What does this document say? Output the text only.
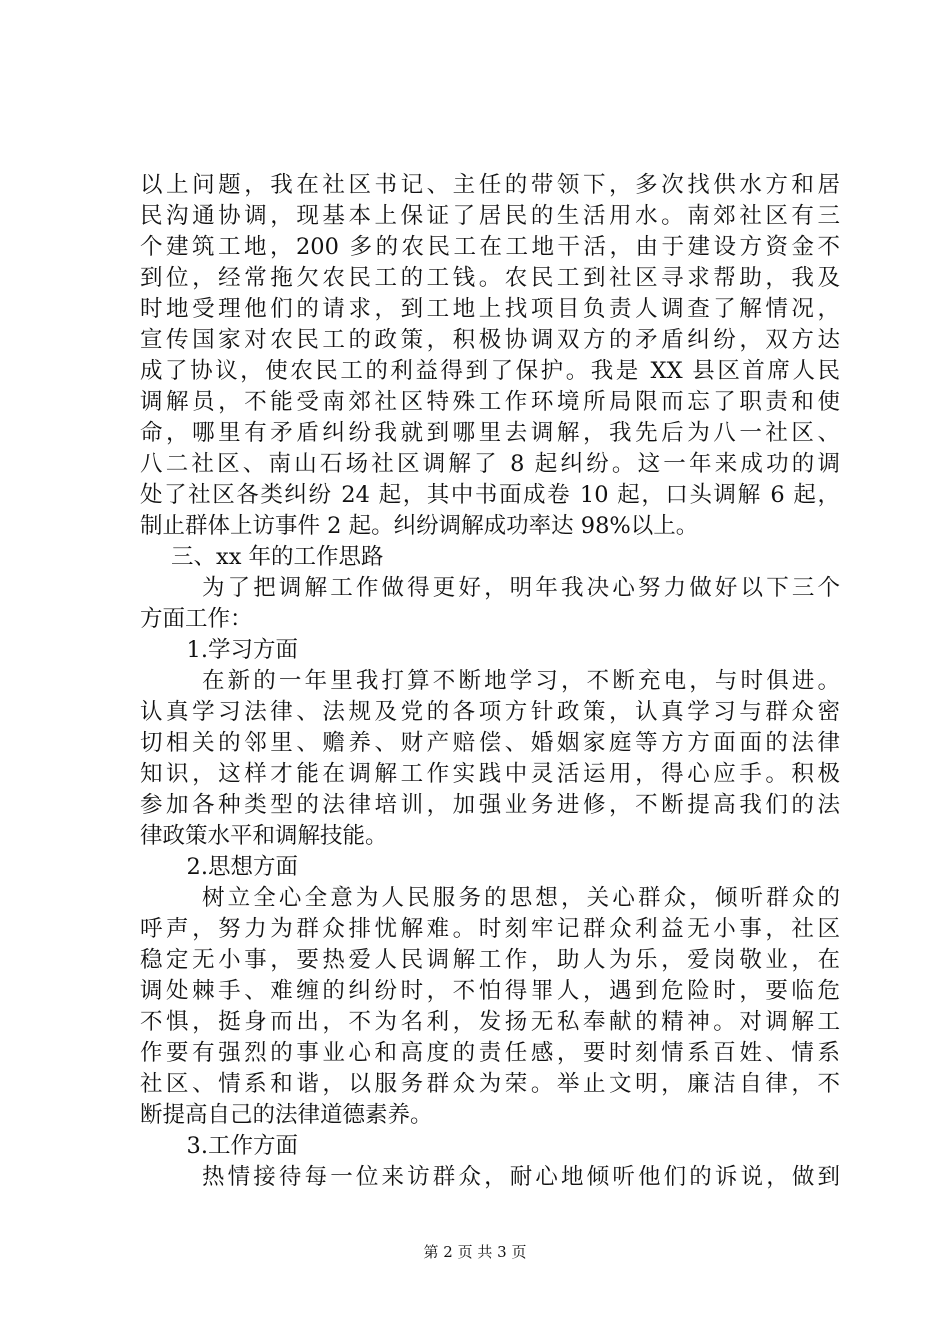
以上问题，我在社区书记、主任的带领下，多次找供水方和居
民沟通协调，现基本上保证了居民的生活用水。南郊社区有三
个建筑工地，200 多的农民工在工地干活，由于建设方资金不
到位，经常拖欠农民工的工钱。农民工到社区寻求帮助，我及
时地受理他们的请求，到工地上找项目负责人调查了解情况，
宣传国家对农民工的政策，积极协调双方的矛盾纠纷，双方达
成了协议，使农民工的利益得到了保护。我是 XX 县区首席人民
调解员，不能受南郊社区特殊工作环境所局限而忘了职责和使
命，哪里有矛盾纠纷我就到哪里去调解，我先后为八一社区、
八二社区、南山石场社区调解了 8 起纠纷。这一年来成功的调
处了社区各类纠纷 24 起，其中书面成卷 10 起，口头调解 6 起，
制止群体上访事件 2 起。纠纷调解成功率达 98%以上。
三、xx 年的工作思路
为了把调解工作做得更好，明年我决心努力做好以下三个
方面工作：
1.学习方面
在新的一年里我打算不断地学习，不断充电，与时俱进。
认真学习法律、法规及党的各项方针政策，认真学习与群众密
切相关的邻里、赡养、财产赔偿、婚姻家庭等方方面面的法律
知识，这样才能在调解工作实践中灵活运用，得心应手。积极
参加各种类型的法律培训，加强业务进修，不断提高我们的法
律政策水平和调解技能。
2.思想方面
树立全心全意为人民服务的思想，关心群众，倾听群众的
呼声，努力为群众排忧解难。时刻牢记群众利益无小事，社区
稳定无小事，要热爱人民调解工作，助人为乐，爱岗敬业，在
调处棘手、难缠的纠纷时，不怕得罪人，遇到危险时，要临危
不惧，挺身而出，不为名利，发扬无私奉献的精神。对调解工
作要有强烈的事业心和高度的责任感，要时刻情系百姓、情系
社区、情系和谐，以服务群众为荣。举止文明，廉洁自律，不
断提高自己的法律道德素养。
3.工作方面
热情接待每一位来访群众，耐心地倾听他们的诉说，做到
第 2 页 共 3 页
